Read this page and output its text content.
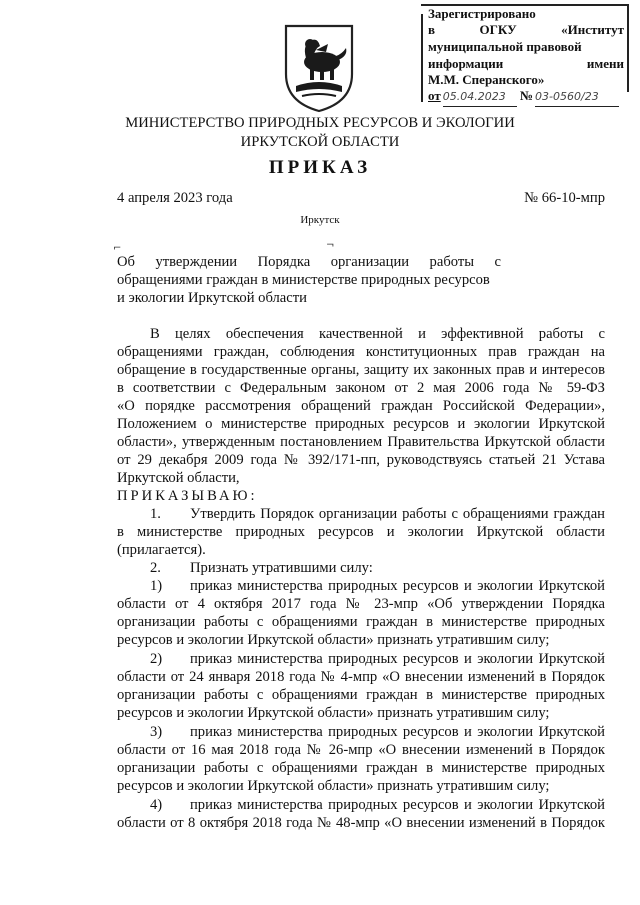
Зарегистрировано
в ОГКУ «Институт
муниципальной правовой
информации имени
М.М. Сперанского»
от 05.04.2023 № 03-0560/23
МИНИСТЕРСТВО ПРИРОДНЫХ РЕСУРСОВ И ЭКОЛОГИИ
ИРКУТСКОЙ ОБЛАСТИ
ПРИКАЗ
4 апреля 2023 года	№ 66-10-мпр
Иркутск
⌐	¬
Об утверждении Порядка организации работы с
обращениями граждан в министерстве природных ресурсов
и экологии Иркутской области
В целях обеспечения качественной и эффективной работы с
обращениями граждан, соблюдения конституционных прав граждан на
обращение в государственные органы, защиту их законных прав и интересов
в соответствии с Федеральным законом от 2 мая 2006 года № 59-ФЗ
«О порядке рассмотрения обращений граждан Российской Федерации»,
Положением о министерстве природных ресурсов и экологии Иркутской
области», утвержденным постановлением Правительства Иркутской области
от 29 декабря 2009 года № 392/171-пп, руководствуясь статьей 21 Устава
Иркутской области,
ПРИКАЗЫВАЮ:
1. Утвердить Порядок организации работы с обращениями граждан
в министерстве природных ресурсов и экологии Иркутской области
(прилагается).
2. Признать утратившими силу:
1) приказ министерства природных ресурсов и экологии Иркутской
области от 4 октября 2017 года № 23-мпр «Об утверждении Порядка
организации работы с обращениями граждан в министерстве природных
ресурсов и экологии Иркутской области» признать утратившим силу;
2) приказ министерства природных ресурсов и экологии Иркутской
области от 24 января 2018 года № 4-мпр «О внесении изменений в Порядок
организации работы с обращениями граждан в министерстве природных
ресурсов и экологии Иркутской области» признать утратившим силу;
3) приказ министерства природных ресурсов и экологии Иркутской
области от 16 мая 2018 года № 26-мпр «О внесении изменений в Порядок
организации работы с обращениями граждан в министерстве природных
ресурсов и экологии Иркутской области» признать утратившим силу;
4) приказ министерства природных ресурсов и экологии Иркутской
области от 8 октября 2018 года № 48-мпр «О внесении изменений в Порядок
